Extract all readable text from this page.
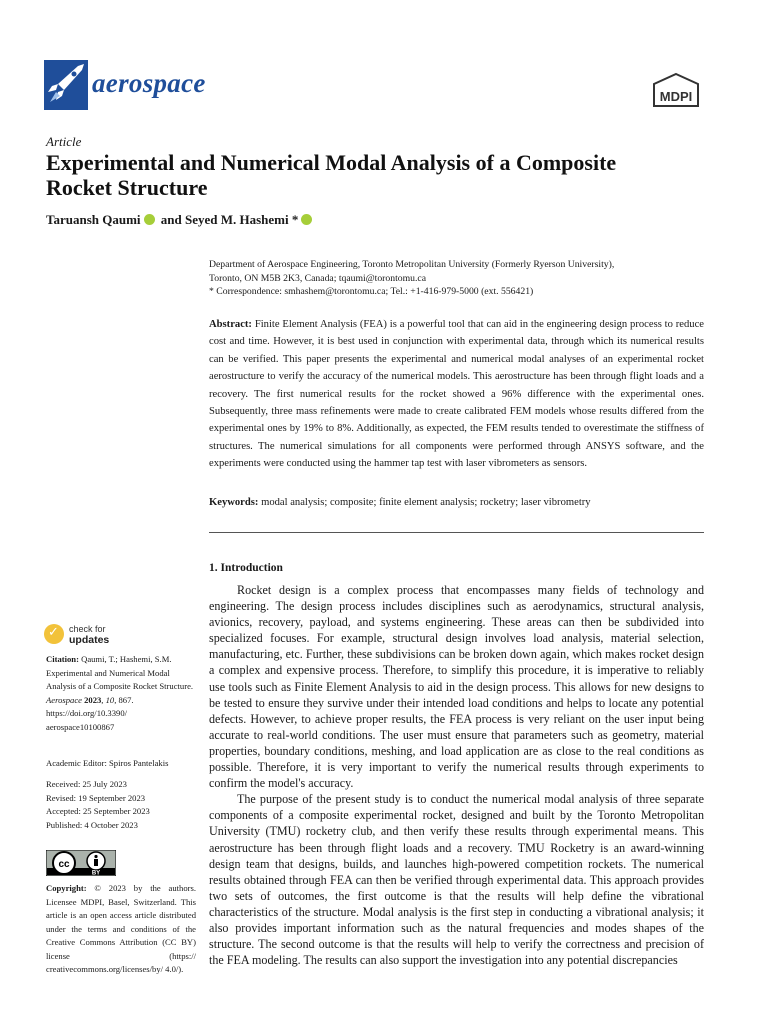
aerospace	MDPI
Article
Experimental and Numerical Modal Analysis of a Composite
Rocket Structure
Taruansh Qaumi and Seyed M. Hashemi *
Department of Aerospace Engineering, Toronto Metropolitan University (Formerly Ryerson University),
Toronto, ON M5B 2K3, Canada; tqaumi@torontomu.ca
* Correspondence: smhashem@torontomu.ca; Tel.: +1-416-979-5000 (ext. 556421)
Abstract: Finite Element Analysis (FEA) is a powerful tool that can aid in the engineering design process to reduce cost and time. However, it is best used in conjunction with experimental data, through which its numerical results can be verified. This paper presents the experimental and numerical modal analyses of an experimental rocket aerostructure to verify the accuracy of the numerical models. This aerostructure has been through flight loads and a recovery. The first numerical results for the rocket showed a 96% difference with the experimental ones. Subsequently, three mass refinements were made to create calibrated FEM models whose results differed from the experimental ones by 19% to 8%. Additionally, as expected, the FEM results tended to overestimate the stiffness of structures. The numerical simulations for all components were performed through ANSYS software, and the experiments were conducted using the hammer tap test with laser vibrometers as sensors.
Keywords: modal analysis; composite; finite element analysis; rocketry; laser vibrometry
1. Introduction

Rocket design is a complex process that encompasses many fields of technology and engineering. The design process includes disciplines such as aerodynamics, structural analysis, avionics, recovery, payload, and systems engineering. These areas can then be subdivided into specialized focuses. For example, structural design involves load analysis, material selection, manufacturing, etc. Further, these subdivisions can be broken down again, which makes rocket design a complex and expensive process. Therefore, to simplify this procedure, it is imperative to reliably use tools such as Finite Element Analysis to aid in the design process. This allows for new designs to be tested to ensure they survive under their intended load conditions and helps to locate any potential defects. However, to achieve proper results, the FEA process is very reliant on the user input being accurate to real-world conditions. The user must ensure that parameters such as geometry, material properties, boundary conditions, meshing, and load application are as close to the real conditions as possible. Therefore, it is very important to verify the numerical results through experiments to confirm the model's accuracy.

The purpose of the present study is to conduct the numerical modal analysis of three separate components of a composite experimental rocket, designed and built by the Toronto Metropolitan University (TMU) rocketry club, and then verify these results through experimental means. This aerostructure has been through flight loads and a recovery. TMU Rocketry is an award-winning design team that designs, builds, and launches high-powered competition rockets. The numerical results obtained through FEA can then be verified through experimental data. This approach provides two sets of outcomes, the first outcome is that the results will help define the vibrational characteristics of the structure. Modal analysis is the first step in conducting a vibrational analysis; it also provides important information such as the natural frequencies and modes shapes of the structure. The second outcome is that the results will help to verify the correctness and precision of the FEA modeling. The results can also support the investigation into any potential discrepancies

✓ check for
updates
Citation: Qaumi, T.; Hashemi, S.M. Experimental and Numerical Modal Analysis of a Composite Rocket Structure. Aerospace 2023, 10, 867. https://doi.org/10.3390/ aerospace10100867
Academic Editor: Spiros Pantelakis
Received: 25 July 2023
Revised: 19 September 2023
Accepted: 25 September 2023
Published: 4 October 2023
cc
BY
Copyright: © 2023 by the authors. Licensee MDPI, Basel, Switzerland. This article is an open access article distributed under the terms and conditions of the Creative Commons Attribution (CC BY) license (https:// creativecommons.org/licenses/by/ 4.0/).
